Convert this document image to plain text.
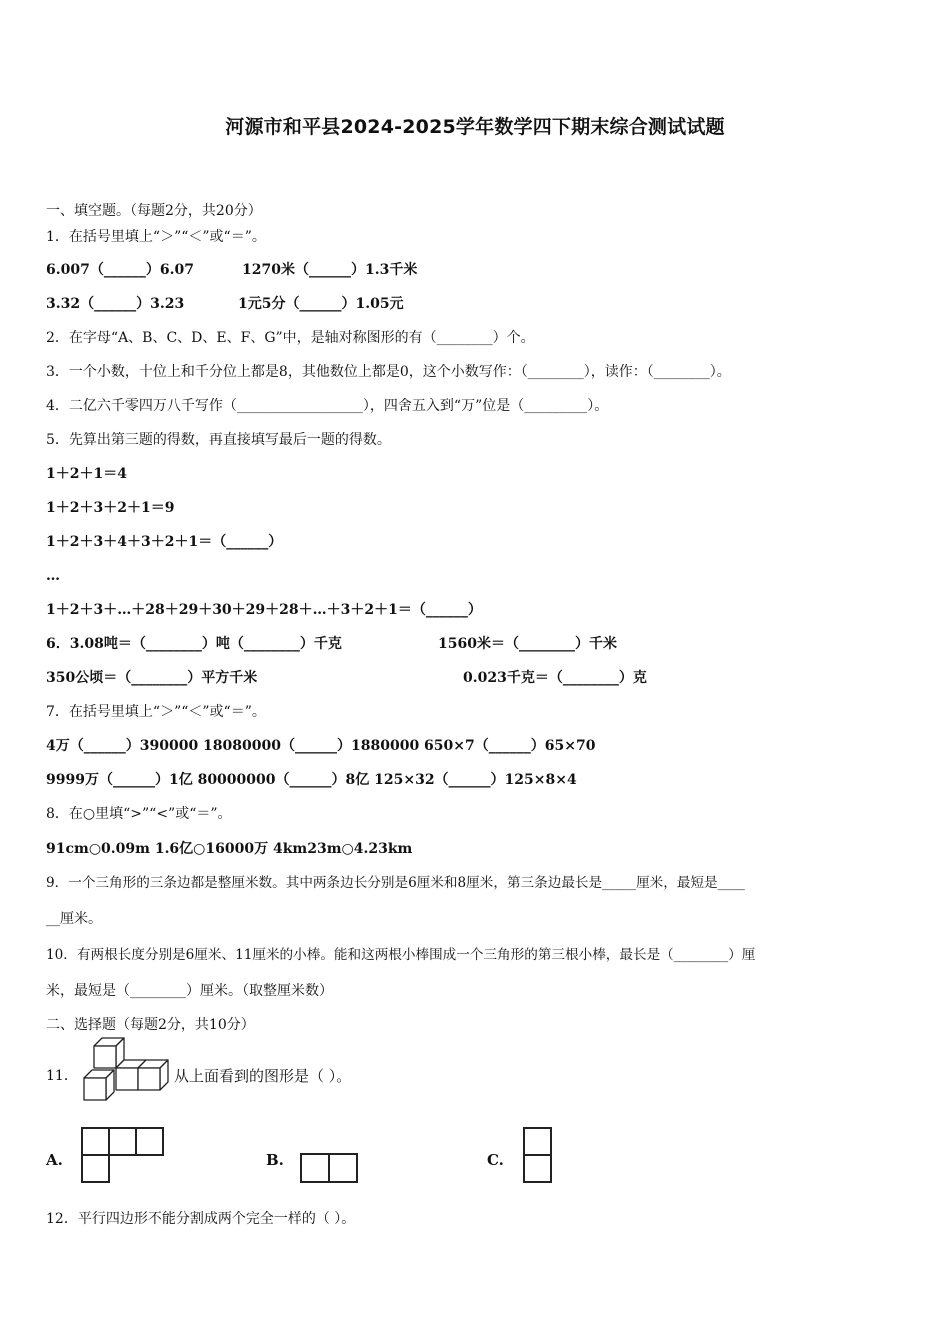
河源市和平县2024-2025学年数学四下期末综合测试试题
一、填空题。（每题2分，共20分）
1．在括号里填上“＞”“＜”或“＝”。
6.007（______）6.07	1270米（______）1.3千米
3.32（______）3.23	1元5分（______）1.05元
2．在字母“A、B、C、D、E、F、G”中，是轴对称图形的有（________）个。
3．一个小数，十位上和千分位上都是8，其他数位上都是0，这个小数写作：（________），读作：（________）。
4．二亿六千零四万八千写作（__________________），四舍五入到“万”位是（_________）。
5．先算出第三题的得数，再直接填写最后一题的得数。
1＋2＋1＝4
1＋2＋3＋2＋1＝9
1＋2＋3＋4＋3＋2＋1＝（______）
…
1＋2＋3＋…＋28＋29＋30＋29＋28＋…＋3＋2＋1＝（______）
6．3.08吨＝（________）吨（________）千克	1560米＝（________）千米
350公顷＝（________）平方千米	0.023千克＝（________）克
7．在括号里填上“＞”“＜”或“＝”。
4万（______）390000 18080000（______）1880000 650×7（______）65×70
9999万（______）1亿 80000000（______）8亿 125×32（______）125×8×4
8．在○里填“>”“<”或“＝”。
91cm○0.09m 1.6亿○16000万 4km23m○4.23km
9．一个三角形的三条边都是整厘米数。其中两条边长分别是6厘米和8厘米，第三条边最长是_____厘米，最短是____
__厘米。
10．有两根长度分别是6厘米、11厘米的小棒。能和这两根小棒围成一个三角形的第三根小棒，最长是（________）厘
米，最短是（________）厘米。（取整厘米数）
二、选择题（每题2分，共10分）
11．	从上面看到的图形是（ ）。
A.	B.	C.
12．平行四边形不能分割成两个完全一样的（ ）。
